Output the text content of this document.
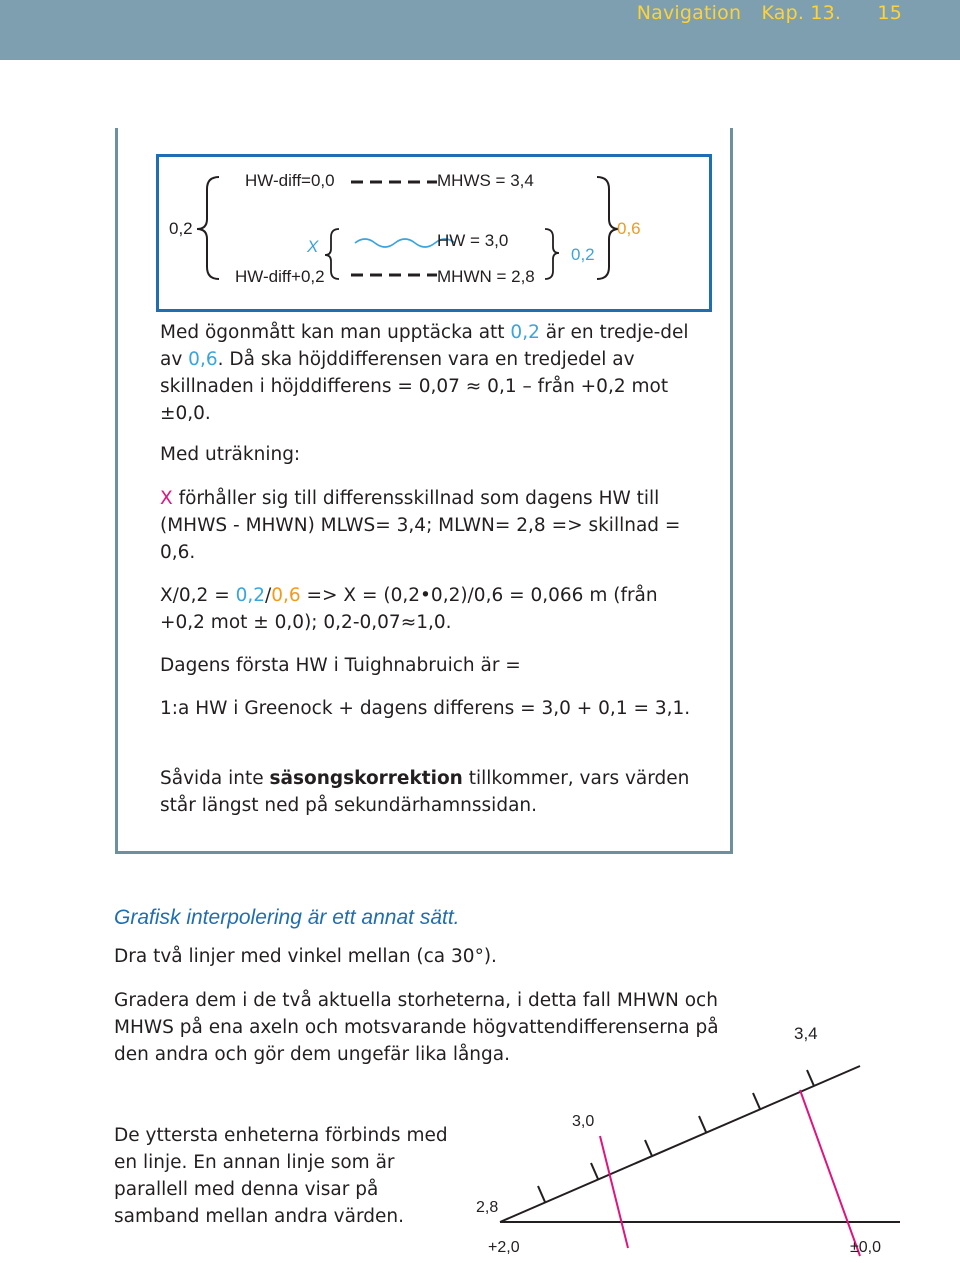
Navigation Kap. 13. 15
HW-diff=0,0	MHWS = 3,4
0,2
X	HW = 3,0
0,2
0,6
HW-diff+0,2	MHWN = 2,8

Med ögonmått kan man upptäcka att 0,2 är en tredje-del av 0,6. Då ska höjddifferensen vara en tredjedel av skillnaden i höjddifferens = 0,07 ≈ 0,1 – från +0,2 mot ±0,0.

Med uträkning:

X förhåller sig till differensskillnad som dagens HW till (MHWS - MHWN) MLWS= 3,4; MLWN= 2,8 => skillnad = 0,6.

X/0,2 = 0,2/0,6 => X = (0,2•0,2)/0,6 = 0,066 m (från +0,2 mot ± 0,0); 0,2-0,07≈1,0.

Dagens första HW i Tuighnabruich är =

1:a HW i Greenock + dagens differens = 3,0 + 0,1 = 3,1.

Såvida inte säsongskorrektion tillkommer, vars värden står längst ned på sekundärhamnssidan.

Grafisk interpolering är ett annat sätt.

Dra två linjer med vinkel mellan (ca 30°).

Gradera dem i de två aktuella storheterna, i detta fall MHWN och MHWS på ena axeln och motsvarande högvattendifferenserna på den andra och gör dem ungefär lika långa.

De yttersta enheterna förbinds med en linje. En annan linje som är parallell med denna visar på samband mellan andra värden.

3,0
2,8
+2,0	±0,0
3,4
